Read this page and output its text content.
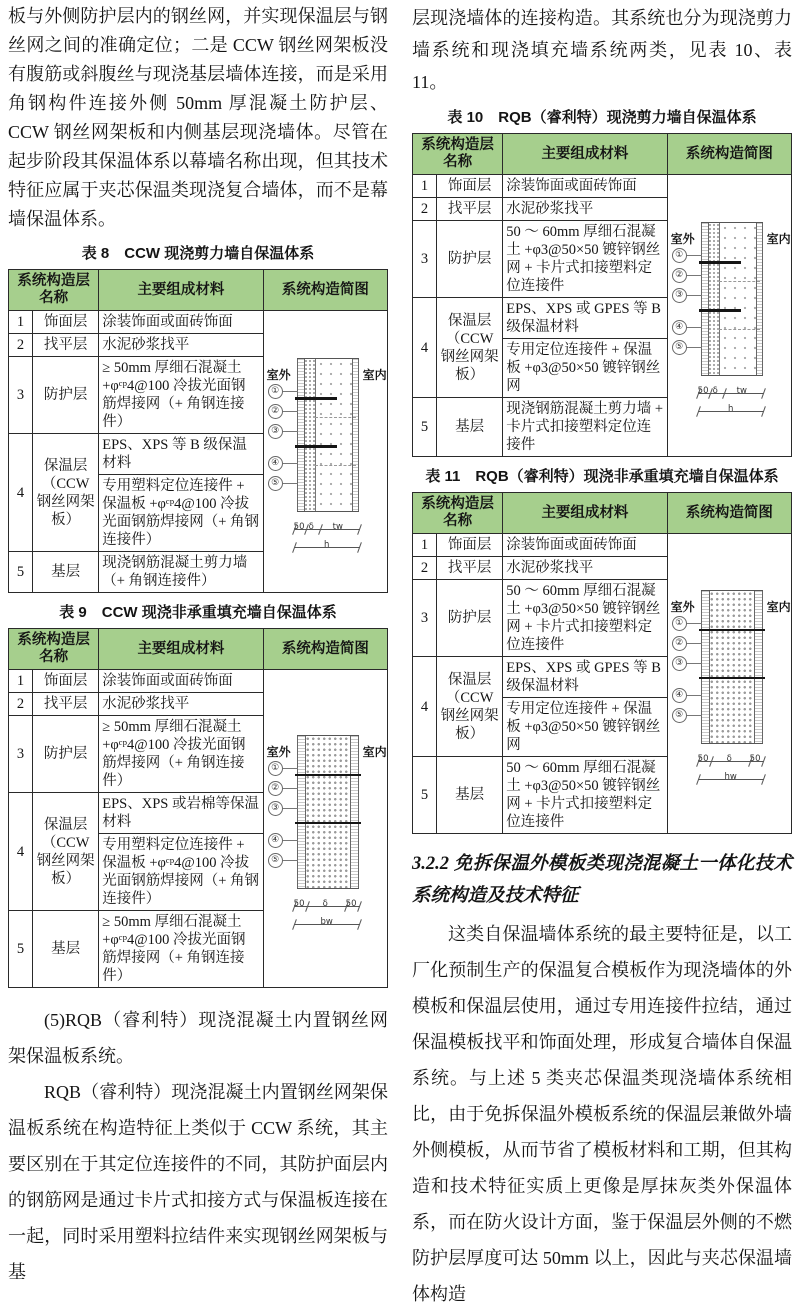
板与外侧防护层内的钢丝网，并实现保温层与钢丝网之间的准确定位；二是 CCW 钢丝网架板没有腹筋或斜腹丝与现浇基层墙体连接，而是采用角钢构件连接外侧 50mm 厚混凝土防护层、CCW 钢丝网架板和内侧基层现浇墙体。尽管在起步阶段其保温体系以幕墙名称出现，但其技术特征应属于夹芯保温类现浇复合墙体，而不是幕墙保温体系。

表 8　CCW 现浇剪力墙自保温体系
系统构造层名称		主要组成材料	系统构造简图
1	饰面层	涂装饰面或面砖饰面	
室外	室内
①
②
③
④
⑤
50 δ tw
h

2	找平层	水泥砂浆找平	
3	防护层	≥ 50mm 厚细石混凝土 +φᶜᵖ4@100 冷拔光面钢筋焊接网（+ 角钢连接件）	
4	保温层（CCW 钢丝网架板）	EPS、XPS 等 B 级保温材料	
		专用塑料定位连接件 + 保温板 +φᶜᵖ4@100 冷拔光面钢筋焊接网（+ 角钢连接件）	
5	基层	现浇钢筋混凝土剪力墙（+ 角钢连接件）	
表 9　CCW 现浇非承重填充墙自保温体系
系统构造层名称		主要组成材料	系统构造简图
1	饰面层	涂装饰面或面砖饰面	
室外	室内
①
②
③
④
⑤
50 δ 50
bw

2	找平层	水泥砂浆找平	
3	防护层	≥ 50mm 厚细石混凝土 +φᶜᵖ4@100 冷拔光面钢筋焊接网（+ 角钢连接件）	
4	保温层（CCW 钢丝网架板）	EPS、XPS 或岩棉等保温材料	
		专用塑料定位连接件 + 保温板 +φᶜᵖ4@100 冷拔光面钢筋焊接网（+ 角钢连接件）	
5	基层	≥ 50mm 厚细石混凝土 +φᶜᵖ4@100 冷拔光面钢筋焊接网（+ 角钢连接件）	

(5)RQB（睿利特）现浇混凝土内置钢丝网架保温板系统。

RQB（睿利特）现浇混凝土内置钢丝网架保温板系统在构造特征上类似于 CCW 系统，其主要区别在于其定位连接件的不同，其防护面层内的钢筋网是通过卡片式扣接方式与保温板连接在一起，同时采用塑料拉结件来实现钢丝网架板与基

层现浇墙体的连接构造。其系统也分为现浇剪力墙系统和现浇填充墙系统两类，见表 10、表 11。

表 10　RQB（睿利特）现浇剪力墙自保温体系
系统构造层名称		主要组成材料	系统构造简图
1	饰面层	涂装饰面或面砖饰面	
室外	室内
①
②
③
④
⑤
50 δ tw
h

2	找平层	水泥砂浆找平	
3	防护层	50 ～ 60mm 厚细石混凝土 +φ3@50×50 镀锌钢丝网 + 卡片式扣接塑料定位连接件	
4	保温层（CCW 钢丝网架板）	EPS、XPS 或 GPES 等 B 级保温材料	
		专用定位连接件 + 保温板 +φ3@50×50 镀锌钢丝网	
5	基层	现浇钢筋混凝土剪力墙 + 卡片式扣接塑料定位连接件	
表 11　RQB（睿利特）现浇非承重填充墙自保温体系
系统构造层名称		主要组成材料	系统构造简图
1	饰面层	涂装饰面或面砖饰面	
室外	室内
①
②
③
④
⑤
50 δ 50
hw

2	找平层	水泥砂浆找平	
3	防护层	50 ～ 60mm 厚细石混凝土 +φ3@50×50 镀锌钢丝网 + 卡片式扣接塑料定位连接件	
4	保温层（CCW 钢丝网架板）	EPS、XPS 或 GPES 等 B 级保温材料	
		专用定位连接件 + 保温板 +φ3@50×50 镀锌钢丝网	
5	基层	50 ～ 60mm 厚细石混凝土 +φ3@50×50 镀锌钢丝网 + 卡片式扣接塑料定位连接件	
3.2.2 免拆保温外模板类现浇混凝土一体化技术系统构造及技术特征

这类自保温墙体系统的最主要特征是，以工厂化预制生产的保温复合模板作为现浇墙体的外模板和保温层使用，通过专用连接件拉结，通过保温模板找平和饰面处理，形成复合墙体自保温系统。与上述 5 类夹芯保温类现浇墙体系统相比，由于免拆保温外模板系统的保温层兼做外墙外侧模板，从而节省了模板材料和工期，但其构造和技术特征实质上更像是厚抹灰类外保温体系，而在防火设计方面，鉴于保温层外侧的不燃防护层厚度可达 50mm 以上，因此与夹芯保温墙体构造
